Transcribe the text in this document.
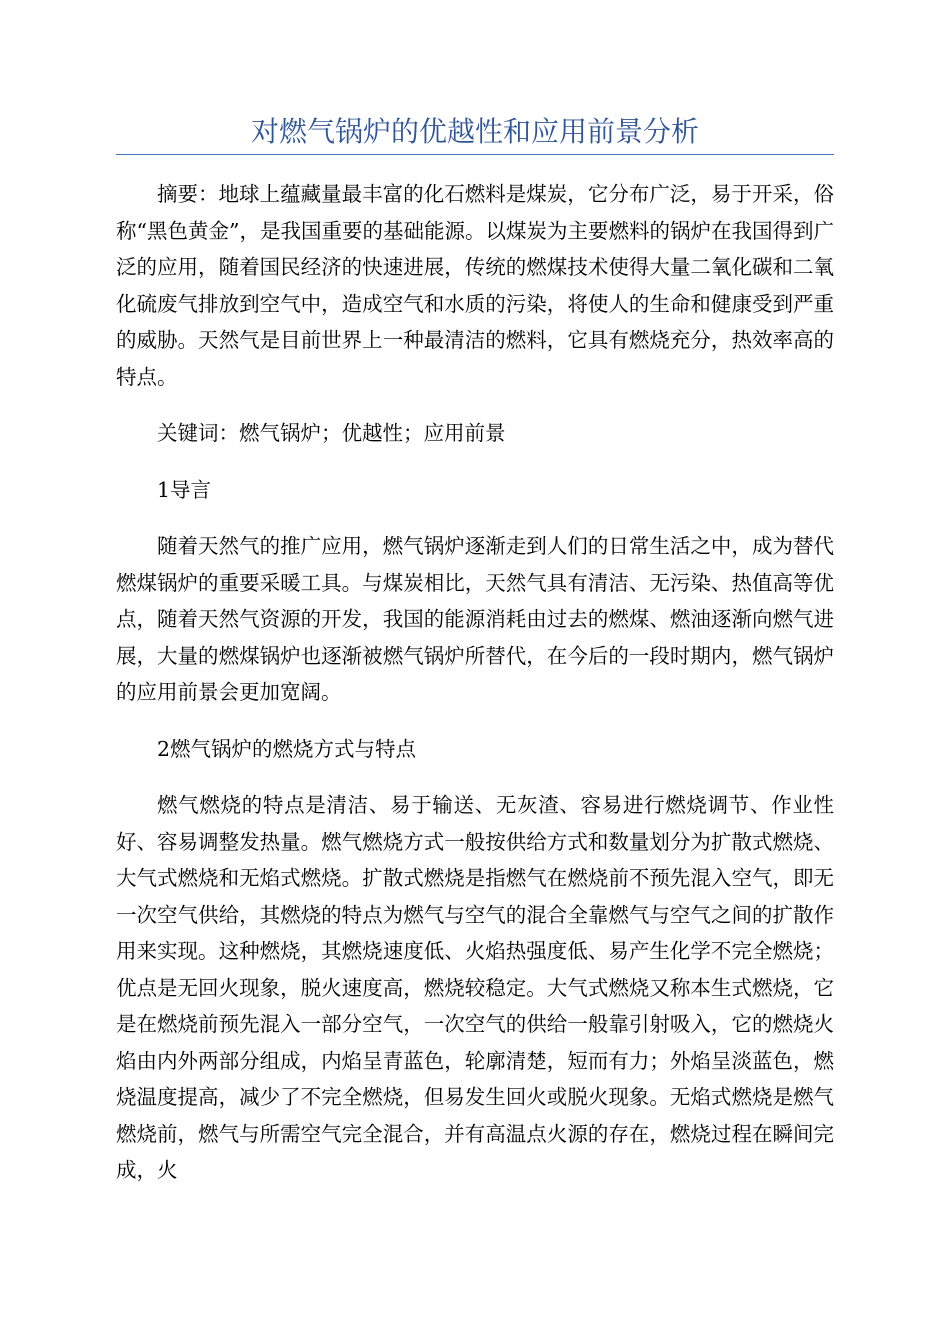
对燃气锅炉的优越性和应用前景分析

摘要：地球上蕴藏量最丰富的化石燃料是煤炭，它分布广泛，易于开采，俗称“黑色黄金”，是我国重要的基础能源。以煤炭为主要燃料的锅炉在我国得到广泛的应用，随着国民经济的快速进展，传统的燃煤技术使得大量二氧化碳和二氧化硫废气排放到空气中，造成空气和水质的污染，将使人的生命和健康受到严重的威胁。天然气是目前世界上一种最清洁的燃料，它具有燃烧充分，热效率高的特点。

关键词：燃气锅炉；优越性；应用前景

1导言

随着天然气的推广应用，燃气锅炉逐渐走到人们的日常生活之中，成为替代燃煤锅炉的重要采暖工具。与煤炭相比，天然气具有清洁、无污染、热值高等优点，随着天然气资源的开发，我国的能源消耗由过去的燃煤、燃油逐渐向燃气进展，大量的燃煤锅炉也逐渐被燃气锅炉所替代，在今后的一段时期内，燃气锅炉的应用前景会更加宽阔。

2燃气锅炉的燃烧方式与特点

燃气燃烧的特点是清洁、易于输送、无灰渣、容易进行燃烧调节、作业性好、容易调整发热量。燃气燃烧方式一般按供给方式和数量划分为扩散式燃烧、大气式燃烧和无焰式燃烧。扩散式燃烧是指燃气在燃烧前不预先混入空气，即无一次空气供给，其燃烧的特点为燃气与空气的混合全靠燃气与空气之间的扩散作用来实现。这种燃烧，其燃烧速度低、火焰热强度低、易产生化学不完全燃烧；优点是无回火现象，脱火速度高，燃烧较稳定。大气式燃烧又称本生式燃烧，它是在燃烧前预先混入一部分空气，一次空气的供给一般靠引射吸入，它的燃烧火焰由内外两部分组成，内焰呈青蓝色，轮廓清楚，短而有力；外焰呈淡蓝色，燃烧温度提高，减少了不完全燃烧，但易发生回火或脱火现象。无焰式燃烧是燃气燃烧前，燃气与所需空气完全混合，并有高温点火源的存在，燃烧过程在瞬间完成，火
